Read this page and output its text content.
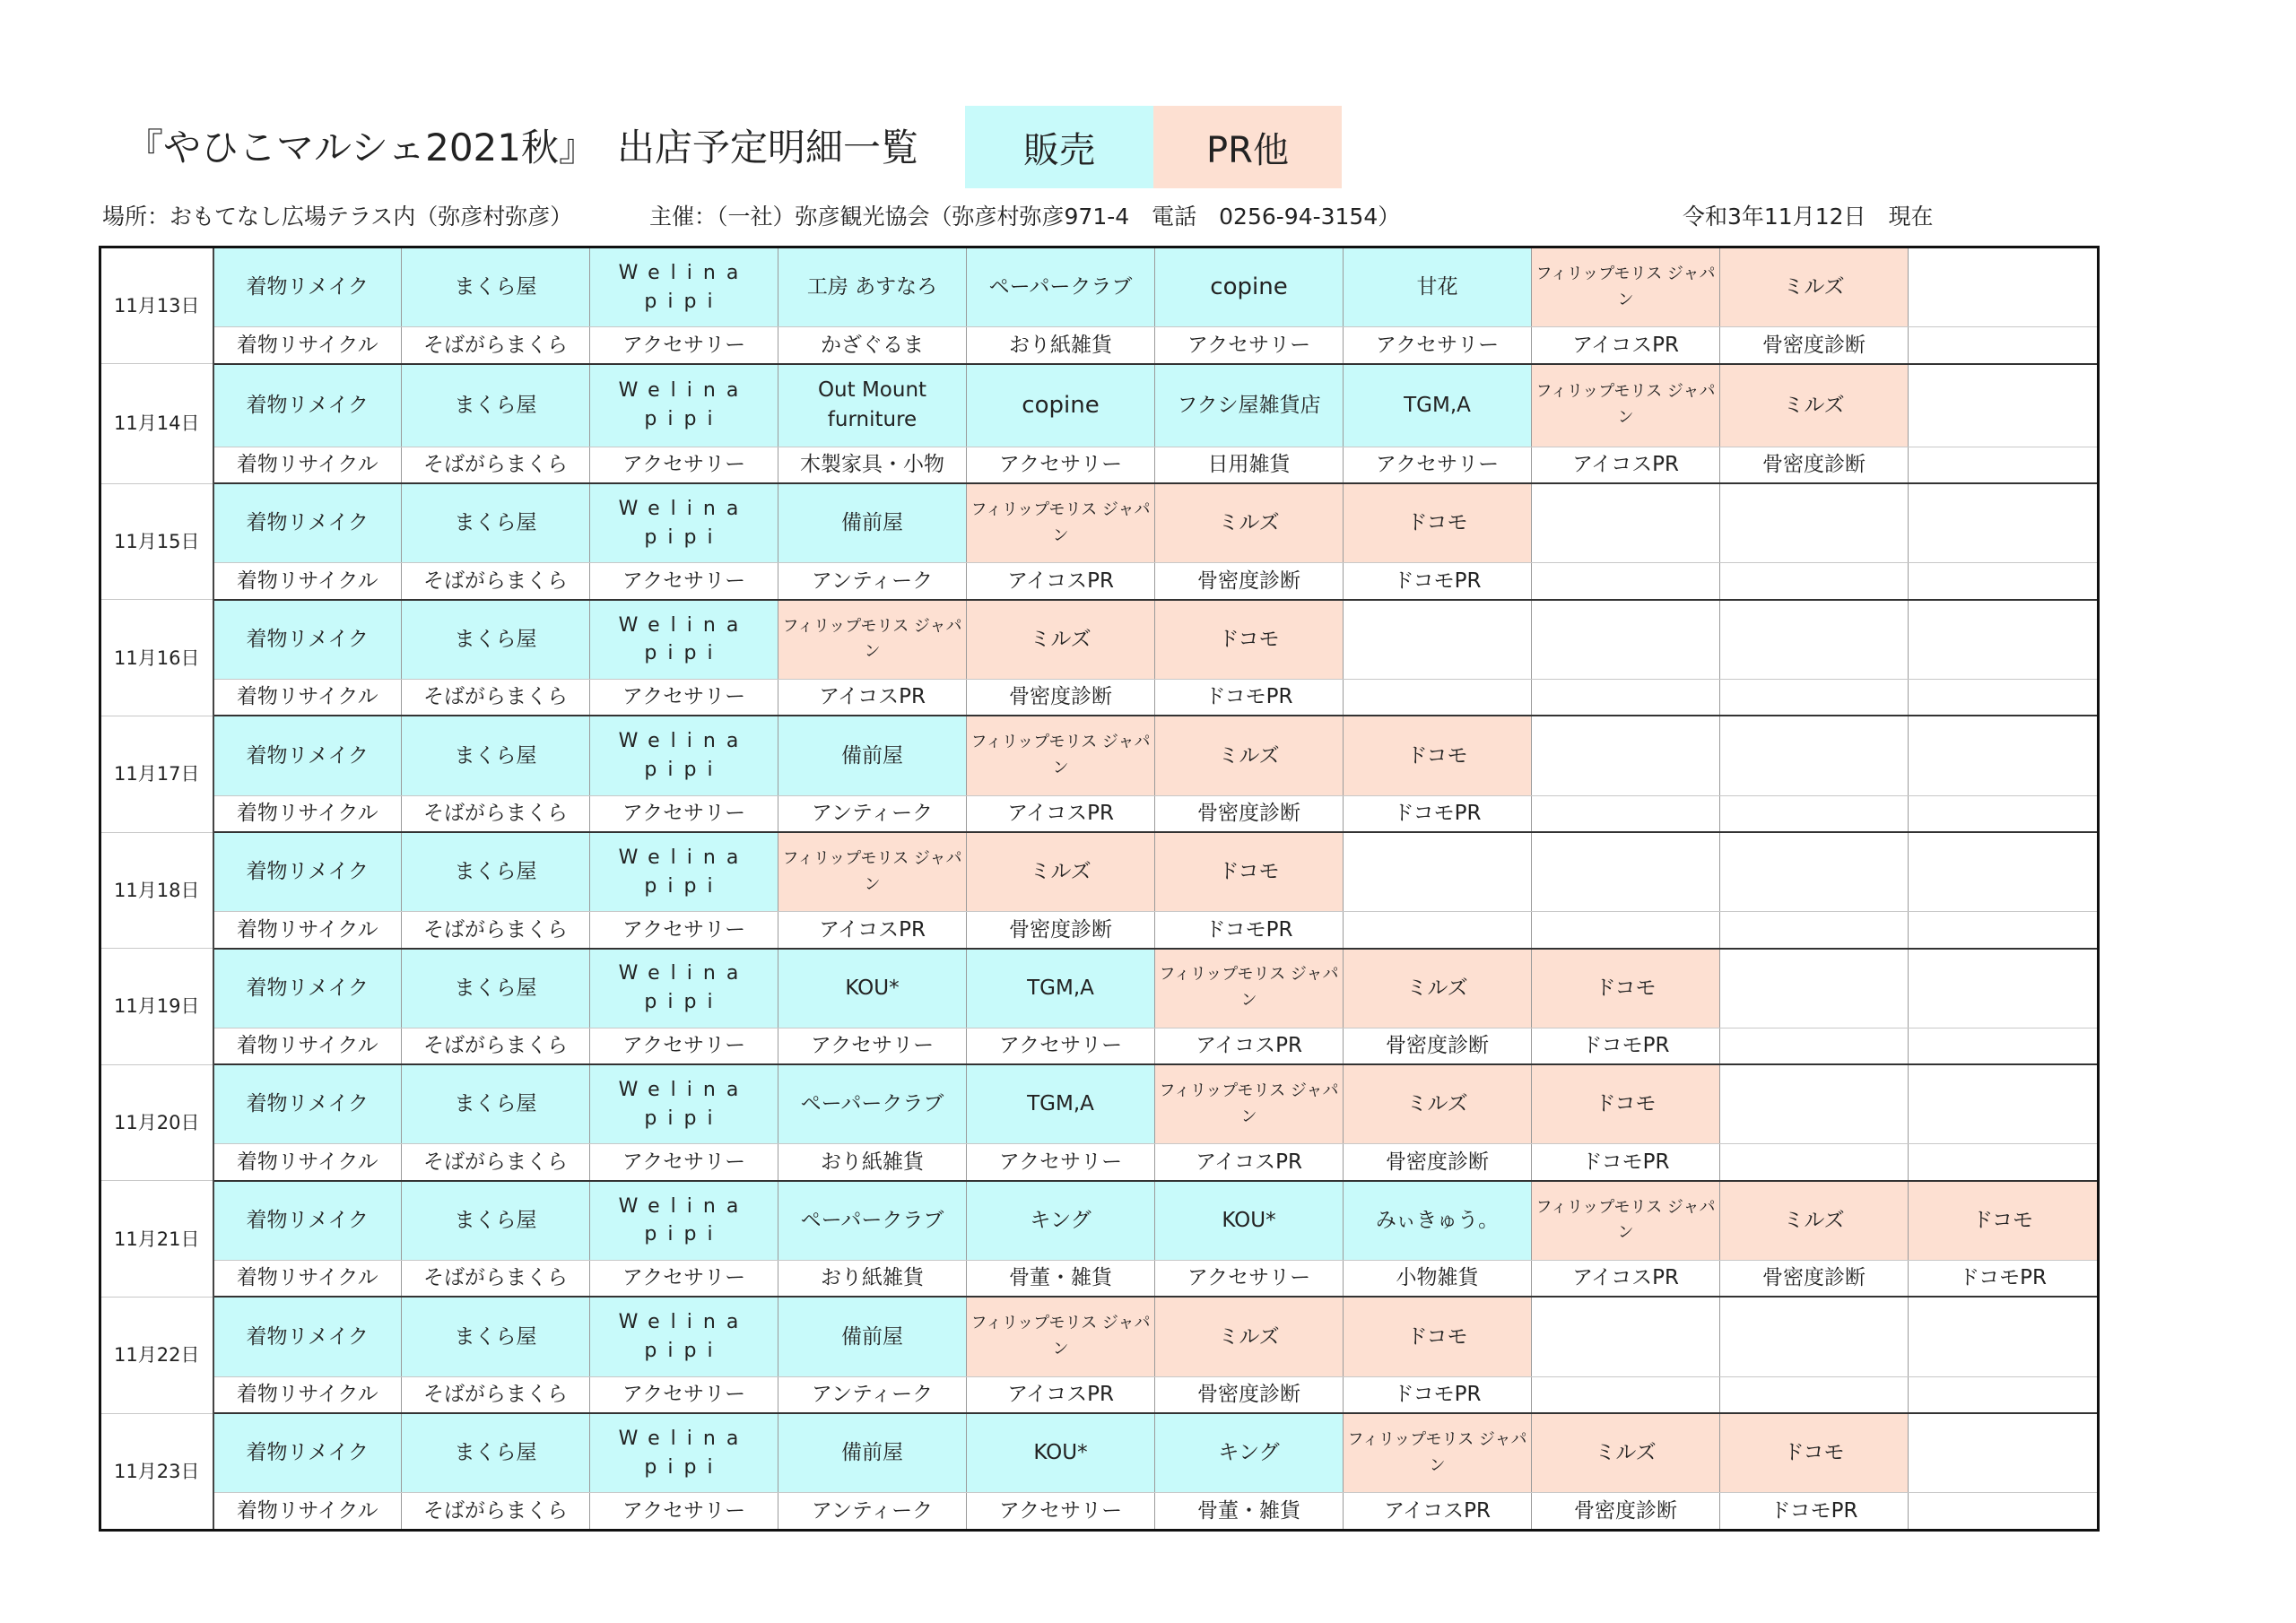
『やひこマルシェ2021秋』 出店予定明細一覧	販売	PR他
場所：おもてなし広場テラス内（弥彦村弥彦）	主催：（一社）弥彦観光協会（弥彦村弥彦971-4　電話　0256-94-3154）	令和3年11月12日　現在
11月13日	着物リメイク	まくら屋	Welina pipi	工房 あすなろ	ペーパークラブ	copine	甘花	フィリップモリス ジャパン	ミルズ	
	着物リサイクル	そばがらまくら	アクセサリー	かざぐるま	おり紙雑貨	アクセサリー	アクセサリー	アイコスPR	骨密度診断	
11月14日	着物リメイク	まくら屋	Welina pipi	Out Mount furniture	copine	フクシ屋雑貨店	TGM,A	フィリップモリス ジャパン	ミルズ	
	着物リサイクル	そばがらまくら	アクセサリー	木製家具・小物	アクセサリー	日用雑貨	アクセサリー	アイコスPR	骨密度診断	
11月15日	着物リメイク	まくら屋	Welina pipi	備前屋	フィリップモリス ジャパン	ミルズ	ドコモ			
	着物リサイクル	そばがらまくら	アクセサリー	アンティーク	アイコスPR	骨密度診断	ドコモPR			
11月16日	着物リメイク	まくら屋	Welina pipi	フィリップモリス ジャパン	ミルズ	ドコモ				
	着物リサイクル	そばがらまくら	アクセサリー	アイコスPR	骨密度診断	ドコモPR				
11月17日	着物リメイク	まくら屋	Welina pipi	備前屋	フィリップモリス ジャパン	ミルズ	ドコモ			
	着物リサイクル	そばがらまくら	アクセサリー	アンティーク	アイコスPR	骨密度診断	ドコモPR			
11月18日	着物リメイク	まくら屋	Welina pipi	フィリップモリス ジャパン	ミルズ	ドコモ				
	着物リサイクル	そばがらまくら	アクセサリー	アイコスPR	骨密度診断	ドコモPR				
11月19日	着物リメイク	まくら屋	Welina pipi	KOU*	TGM,A	フィリップモリス ジャパン	ミルズ	ドコモ		
	着物リサイクル	そばがらまくら	アクセサリー	アクセサリー	アクセサリー	アイコスPR	骨密度診断	ドコモPR		
11月20日	着物リメイク	まくら屋	Welina pipi	ペーパークラブ	TGM,A	フィリップモリス ジャパン	ミルズ	ドコモ		
	着物リサイクル	そばがらまくら	アクセサリー	おり紙雑貨	アクセサリー	アイコスPR	骨密度診断	ドコモPR		
11月21日	着物リメイク	まくら屋	Welina pipi	ペーパークラブ	キング	KOU*	みぃきゅう。	フィリップモリス ジャパン	ミルズ	ドコモ
	着物リサイクル	そばがらまくら	アクセサリー	おり紙雑貨	骨董・雑貨	アクセサリー	小物雑貨	アイコスPR	骨密度診断	ドコモPR
11月22日	着物リメイク	まくら屋	Welina pipi	備前屋	フィリップモリス ジャパン	ミルズ	ドコモ			
	着物リサイクル	そばがらまくら	アクセサリー	アンティーク	アイコスPR	骨密度診断	ドコモPR			
11月23日	着物リメイク	まくら屋	Welina pipi	備前屋	KOU*	キング	フィリップモリス ジャパン	ミルズ	ドコモ	
	着物リサイクル	そばがらまくら	アクセサリー	アンティーク	アクセサリー	骨董・雑貨	アイコスPR	骨密度診断	ドコモPR	
